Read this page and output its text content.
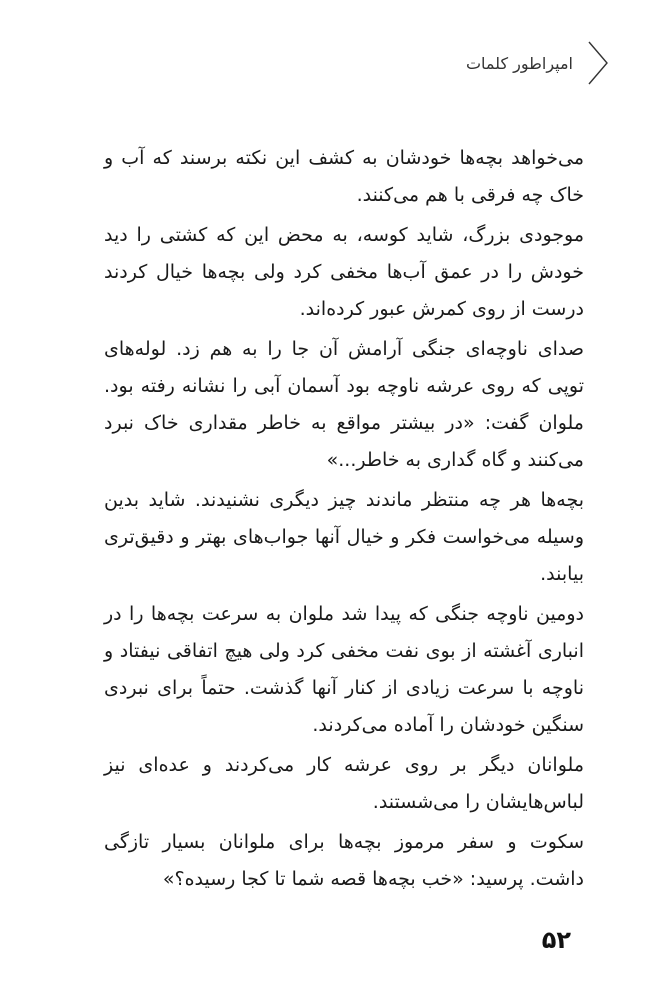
امپراطور کلمات

می‌خواهد بچه‌ها خودشان به کشف این نکته برسند که آب و خاک چه فرقی با هم می‌کنند.

موجودی بزرگ، شاید کوسه، به محض این که کشتی را دید خودش را در عمق آب‌ها مخفی کرد ولی بچه‌ها خیال کردند درست از روی کمرش عبور کرده‌اند.

صدای ناوچه‌ای جنگی آرامش آن جا را به هم زد. لوله‌های توپی که روی عرشه ناوچه بود آسمان آبی را نشانه رفته بود. ملوان گفت: «در بیشتر مواقع به خاطر مقداری خاک نبرد می‌کنند و گاه گداری به خاطر...»

بچه‌ها هر چه منتظر ماندند چیز دیگری نشنیدند. شاید بدین وسیله می‌خواست فکر و خیال آنها جواب‌های بهتر و دقیق‌تری بیابند.

دومین ناوچه جنگی که پیدا شد ملوان به سرعت بچه‌ها را در انباری آغشته از بوی نفت مخفی کرد ولی هیچ اتفاقی نیفتاد و ناوچه با سرعت زیادی از کنار آنها گذشت. حتماً برای نبردی سنگین خودشان را آماده می‌کردند.

ملوانان دیگر بر روی عرشه کار می‌کردند و عده‌ای نیز لباس‌هایشان را می‌شستند.

سکوت و سفر مرموز بچه‌ها برای ملوانان بسیار تازگی داشت. پرسید: «خب بچه‌ها قصه شما تا کجا رسیده؟»

۵۲
